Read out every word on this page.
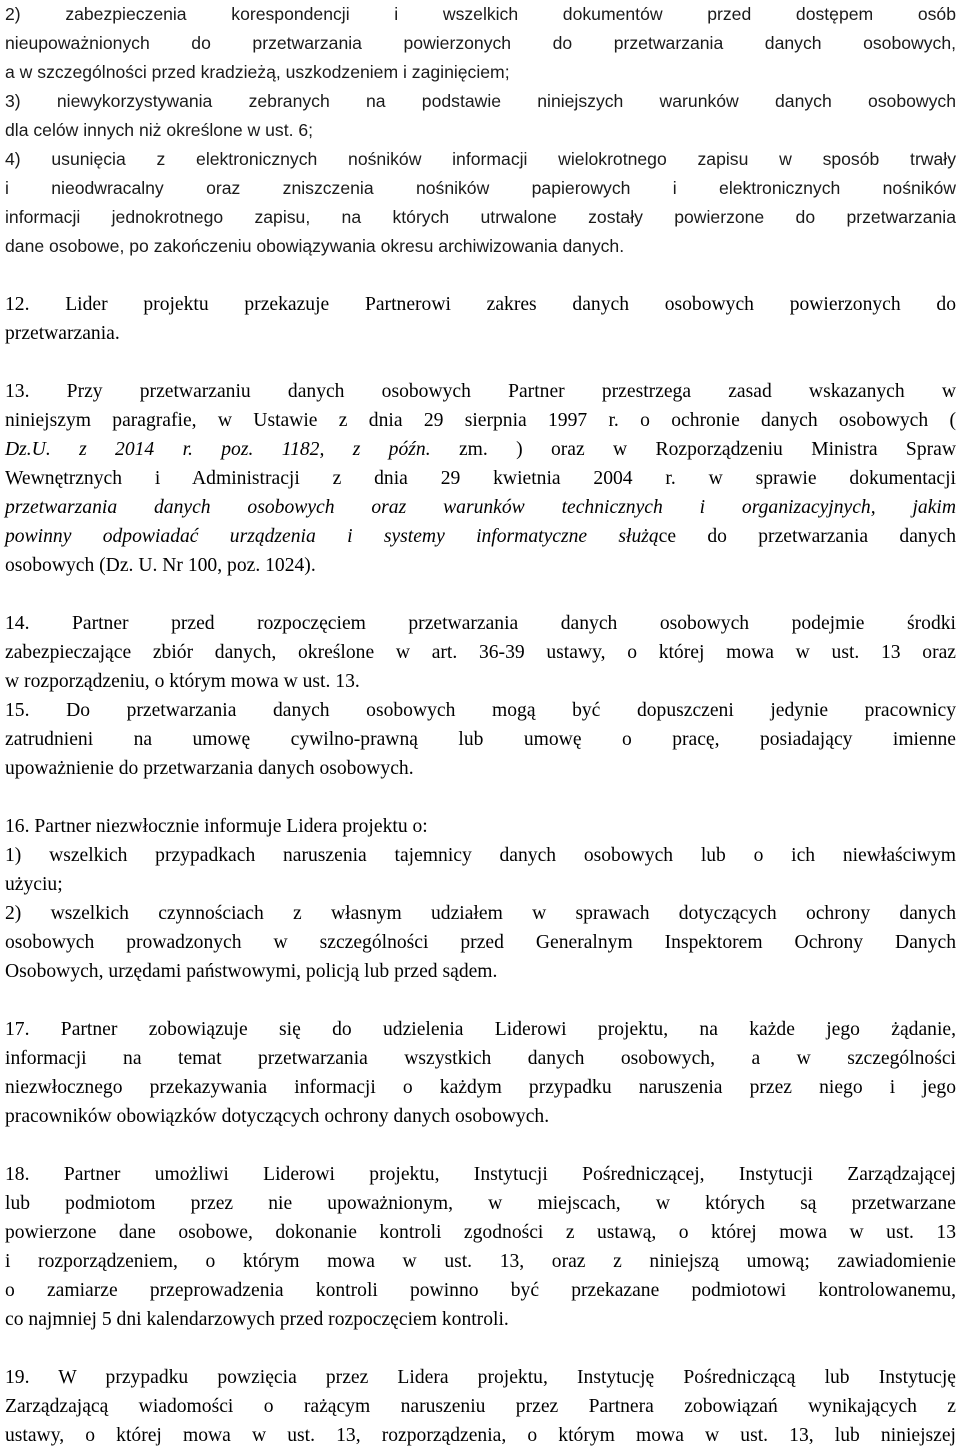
2) zabezpieczenia korespondencji i wszelkich dokumentów przed dostępem osób
nieupoważnionych do przetwarzania powierzonych do przetwarzania danych osobowych,
a w szczególności przed kradzieżą, uszkodzeniem i zaginięciem;
3) niewykorzystywania zebranych na podstawie niniejszych warunków danych osobowych
dla celów innych niż określone w ust. 6;
4) usunięcia z elektronicznych nośników informacji wielokrotnego zapisu w sposób trwały
i nieodwracalny oraz zniszczenia nośników papierowych i elektronicznych nośników
informacji jednokrotnego zapisu, na których utrwalone zostały powierzone do przetwarzania
dane osobowe, po zakończeniu obowiązywania okresu archiwizowania danych.
12. Lider projektu przekazuje Partnerowi zakres danych osobowych powierzonych do
przetwarzania.
13. Przy przetwarzaniu danych osobowych Partner przestrzega zasad wskazanych w
niniejszym paragrafie, w Ustawie z dnia 29 sierpnia 1997 r. o ochronie danych osobowych (
Dz.U. z 2014 r. poz. 1182, z późn. zm. ) oraz w Rozporządzeniu Ministra Spraw
Wewnętrznych i Administracji z dnia 29 kwietnia 2004 r. w sprawie dokumentacji
przetwarzania danych osobowych oraz warunków technicznych i organizacyjnych, jakim
powinny odpowiadać urządzenia i systemy informatyczne służące do przetwarzania danych
osobowych (Dz. U. Nr 100, poz. 1024).
14. Partner przed rozpoczęciem przetwarzania danych osobowych podejmie środki
zabezpieczające zbiór danych, określone w art. 36-39 ustawy, o której mowa w ust. 13 oraz
w rozporządzeniu, o którym mowa w ust. 13.
15. Do przetwarzania danych osobowych mogą być dopuszczeni jedynie pracownicy
zatrudnieni na umowę cywilno-prawną lub umowę o pracę, posiadający imienne
upoważnienie do przetwarzania danych osobowych.
16. Partner niezwłocznie informuje Lidera projektu o:
1) wszelkich przypadkach naruszenia tajemnicy danych osobowych lub o ich niewłaściwym
użyciu;
2) wszelkich czynnościach z własnym udziałem w sprawach dotyczących ochrony danych
osobowych prowadzonych w szczególności przed Generalnym Inspektorem Ochrony Danych
Osobowych, urzędami państwowymi, policją lub przed sądem.
17. Partner zobowiązuje się do udzielenia Liderowi projektu, na każde jego żądanie,
informacji na temat przetwarzania wszystkich danych osobowych, a w szczególności
niezwłocznego przekazywania informacji o każdym przypadku naruszenia przez niego i jego
pracowników obowiązków dotyczących ochrony danych osobowych.
18. Partner umożliwi Liderowi projektu, Instytucji Pośredniczącej, Instytucji Zarządzającej
lub podmiotom przez nie upoważnionym, w miejscach, w których są przetwarzane
powierzone dane osobowe, dokonanie kontroli zgodności z ustawą, o której mowa w ust. 13
i rozporządzeniem, o którym mowa w ust. 13, oraz z niniejszą umową; zawiadomienie
o zamiarze przeprowadzenia kontroli powinno być przekazane podmiotowi kontrolowanemu,
co najmniej 5 dni kalendarzowych przed rozpoczęciem kontroli.
19. W przypadku powzięcia przez Lidera projektu, Instytucję Pośredniczącą lub Instytucję
Zarządzającą wiadomości o rażącym naruszeniu przez Partnera zobowiązań wynikających z
ustawy, o której mowa w ust. 13, rozporządzenia, o którym mowa w ust. 13, lub niniejszej
